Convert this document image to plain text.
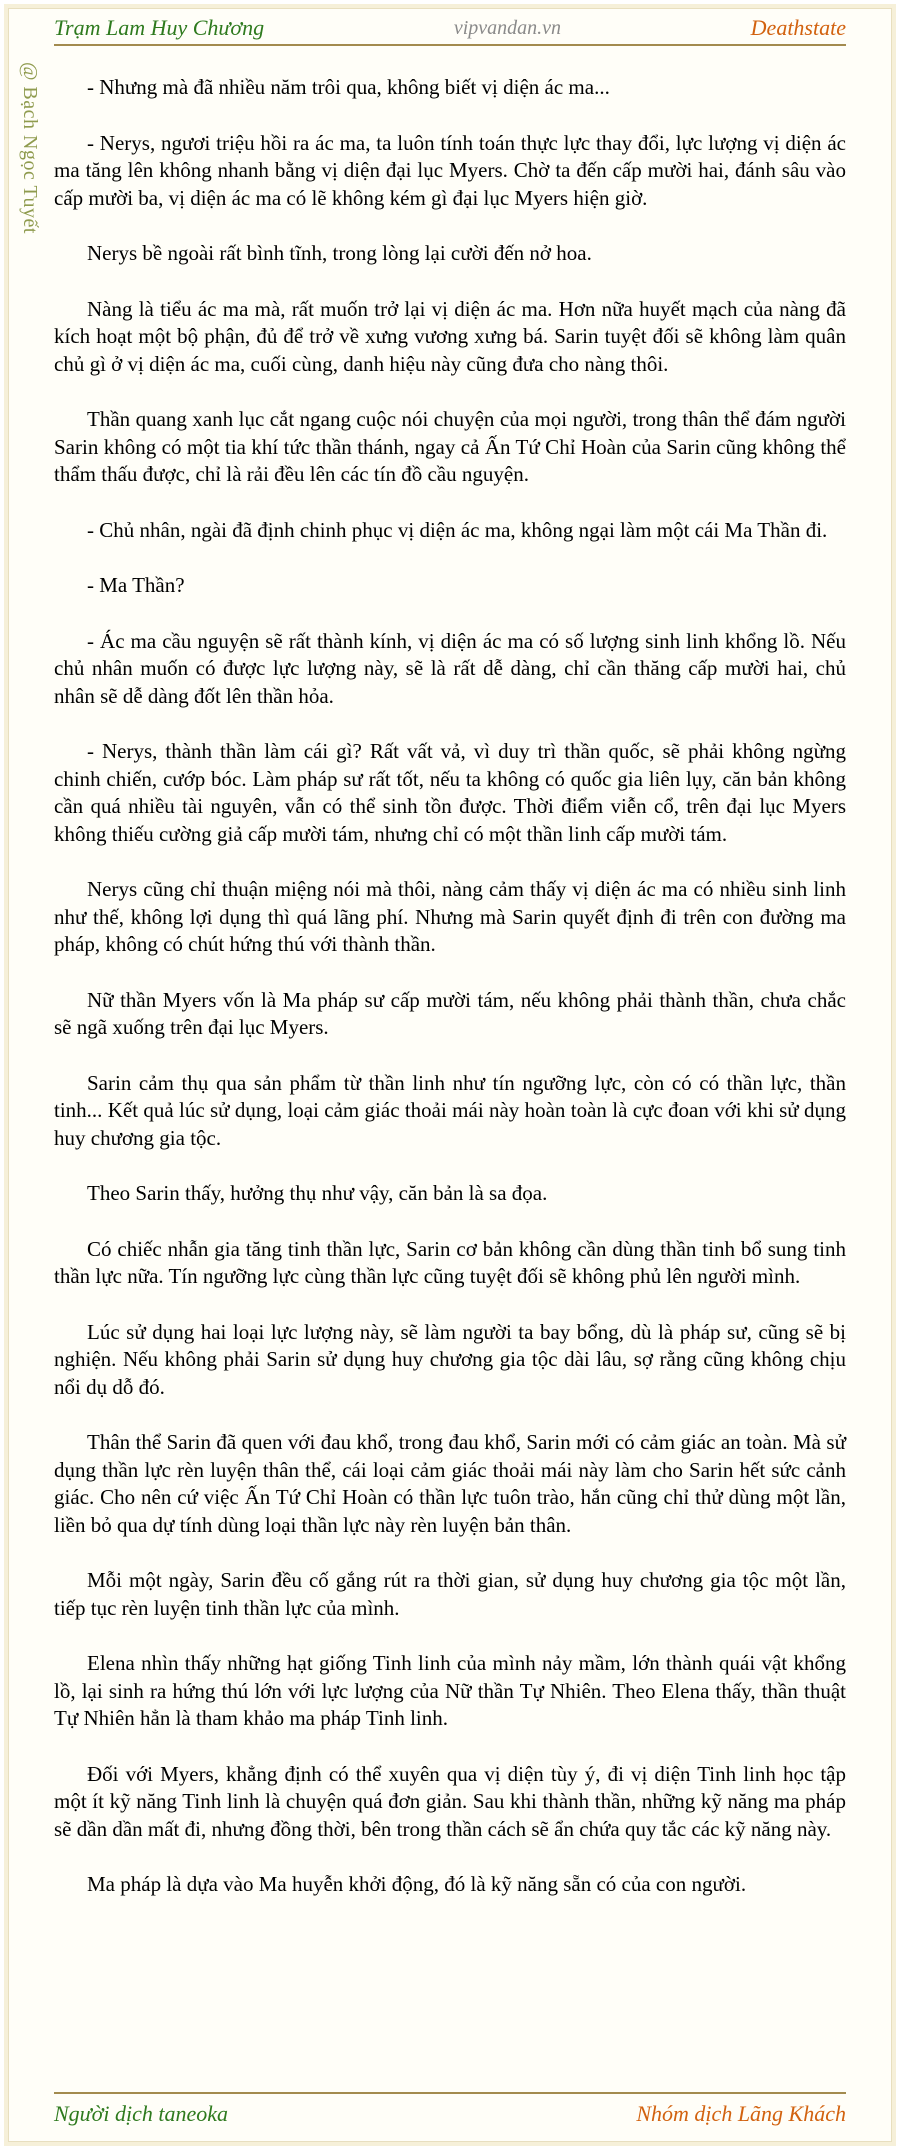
Trạm Lam Huy Chương	vipvandan.vn	Deathstate
@ Bạch Ngọc Tuyết	- Nhưng mà đã nhiều năm trôi qua, không biết vị diện ác ma...

- Nerys, ngươi triệu hồi ra ác ma, ta luôn tính toán thực lực thay đổi, lực lượng vị diện ác ma tăng lên không nhanh bằng vị diện đại lục Myers. Chờ ta đến cấp mười hai, đánh sâu vào cấp mười ba, vị diện ác ma có lẽ không kém gì đại lục Myers hiện giờ.

Nerys bề ngoài rất bình tĩnh, trong lòng lại cười đến nở hoa.

Nàng là tiểu ác ma mà, rất muốn trở lại vị diện ác ma. Hơn nữa huyết mạch của nàng đã kích hoạt một bộ phận, đủ để trở về xưng vương xưng bá. Sarin tuyệt đối sẽ không làm quân chủ gì ở vị diện ác ma, cuối cùng, danh hiệu này cũng đưa cho nàng thôi.

Thần quang xanh lục cắt ngang cuộc nói chuyện của mọi người, trong thân thể đám người Sarin không có một tia khí tức thần thánh, ngay cả Ấn Tứ Chỉ Hoàn của Sarin cũng không thể thẩm thấu được, chỉ là rải đều lên các tín đồ cầu nguyện.

- Chủ nhân, ngài đã định chinh phục vị diện ác ma, không ngại làm một cái Ma Thần đi.

- Ma Thần?

- Ác ma cầu nguyện sẽ rất thành kính, vị diện ác ma có số lượng sinh linh khổng lồ. Nếu chủ nhân muốn có được lực lượng này, sẽ là rất dễ dàng, chỉ cần thăng cấp mười hai, chủ nhân sẽ dễ dàng đốt lên thần hỏa.

- Nerys, thành thần làm cái gì? Rất vất vả, vì duy trì thần quốc, sẽ phải không ngừng chinh chiến, cướp bóc. Làm pháp sư rất tốt, nếu ta không có quốc gia liên lụy, căn bản không cần quá nhiều tài nguyên, vẫn có thể sinh tồn được. Thời điểm viễn cổ, trên đại lục Myers không thiếu cường giả cấp mười tám, nhưng chỉ có một thần linh cấp mười tám.

Nerys cũng chỉ thuận miệng nói mà thôi, nàng cảm thấy vị diện ác ma có nhiều sinh linh như thế, không lợi dụng thì quá lãng phí. Nhưng mà Sarin quyết định đi trên con đường ma pháp, không có chút hứng thú với thành thần.

Nữ thần Myers vốn là Ma pháp sư cấp mười tám, nếu không phải thành thần, chưa chắc sẽ ngã xuống trên đại lục Myers.

Sarin cảm thụ qua sản phẩm từ thần linh như tín ngưỡng lực, còn có có thần lực, thần tinh... Kết quả lúc sử dụng, loại cảm giác thoải mái này hoàn toàn là cực đoan với khi sử dụng huy chương gia tộc.

Theo Sarin thấy, hưởng thụ như vậy, căn bản là sa đọa.

Có chiếc nhẫn gia tăng tinh thần lực, Sarin cơ bản không cần dùng thần tinh bổ sung tinh thần lực nữa. Tín ngưỡng lực cùng thần lực cũng tuyệt đối sẽ không phủ lên người mình.

Lúc sử dụng hai loại lực lượng này, sẽ làm người ta bay bổng, dù là pháp sư, cũng sẽ bị nghiện. Nếu không phải Sarin sử dụng huy chương gia tộc dài lâu, sợ rằng cũng không chịu nổi dụ dỗ đó.

Thân thể Sarin đã quen với đau khổ, trong đau khổ, Sarin mới có cảm giác an toàn. Mà sử dụng thần lực rèn luyện thân thể, cái loại cảm giác thoải mái này làm cho Sarin hết sức cảnh giác. Cho nên cứ việc Ấn Tứ Chỉ Hoàn có thần lực tuôn trào, hắn cũng chỉ thử dùng một lần, liền bỏ qua dự tính dùng loại thần lực này rèn luyện bản thân.

Mỗi một ngày, Sarin đều cố gắng rút ra thời gian, sử dụng huy chương gia tộc một lần, tiếp tục rèn luyện tinh thần lực của mình.

Elena nhìn thấy những hạt giống Tinh linh của mình nảy mầm, lớn thành quái vật khổng lồ, lại sinh ra hứng thú lớn với lực lượng của Nữ thần Tự Nhiên. Theo Elena thấy, thần thuật Tự Nhiên hẳn là tham khảo ma pháp Tinh linh.

Đối với Myers, khẳng định có thể xuyên qua vị diện tùy ý, đi vị diện Tinh linh học tập một ít kỹ năng Tinh linh là chuyện quá đơn giản. Sau khi thành thần, những kỹ năng ma pháp sẽ dần dần mất đi, nhưng đồng thời, bên trong thần cách sẽ ẩn chứa quy tắc các kỹ năng này.

Ma pháp là dựa vào Ma huyễn khởi động, đó là kỹ năng sẵn có của con người.

Người dịch taneoka	Nhóm dịch Lãng Khách
